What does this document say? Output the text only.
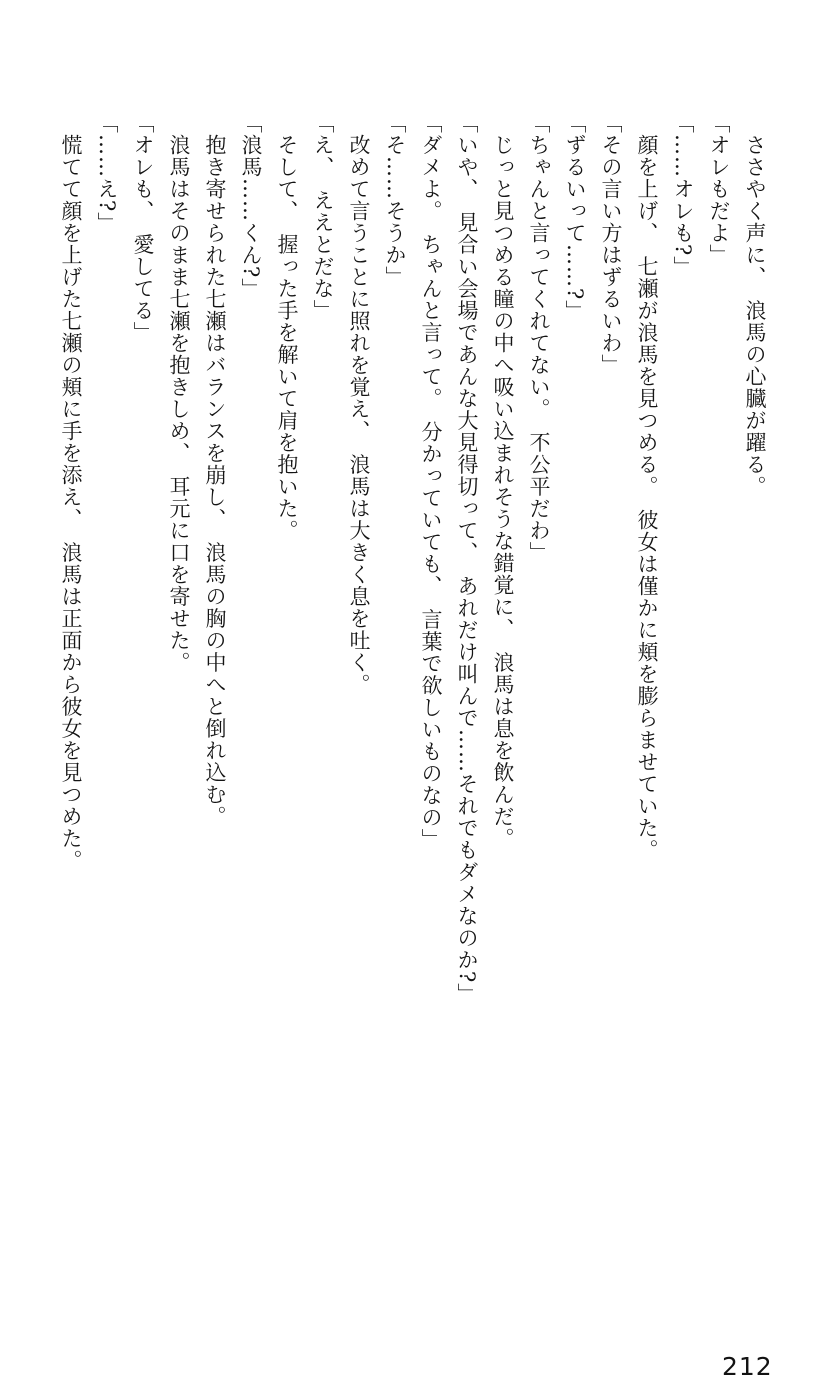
　ささやく声に、　浪馬の心臓が躍る。

「オレもだよ」

「……オレも?」

　顔を上げ、　七瀬が浪馬を見つめる。　彼女は僅かに頬を膨らませていた。

「その言い方はずるいわ」

「ずるいって……?」

「ちゃんと言ってくれてない。　不公平だわ」

　じっと見つめる瞳の中へ吸い込まれそうな錯覚に、　浪馬は息を飲んだ。

「いや、　見合い会場であんな大見得切って、　あれだけ叫んで……それでもダメなのか?」

「ダメよ。　ちゃんと言って。　分かっていても、　言葉で欲しいものなの」

「そ……そうか」

　改めて言うことに照れを覚え、　浪馬は大きく息を吐く。

「え、　ええとだな」

　そして、　握った手を解いて肩を抱いた。

「浪馬……くん?」

　抱き寄せられた七瀬はバランスを崩し、　浪馬の胸の中へと倒れ込む。

　浪馬はそのまま七瀬を抱きしめ、　耳元に口を寄せた。

「オレも、　愛してる」

「……え?」

　慌てて顔を上げた七瀬の頬に手を添え、　浪馬は正面から彼女を見つめた。

212
